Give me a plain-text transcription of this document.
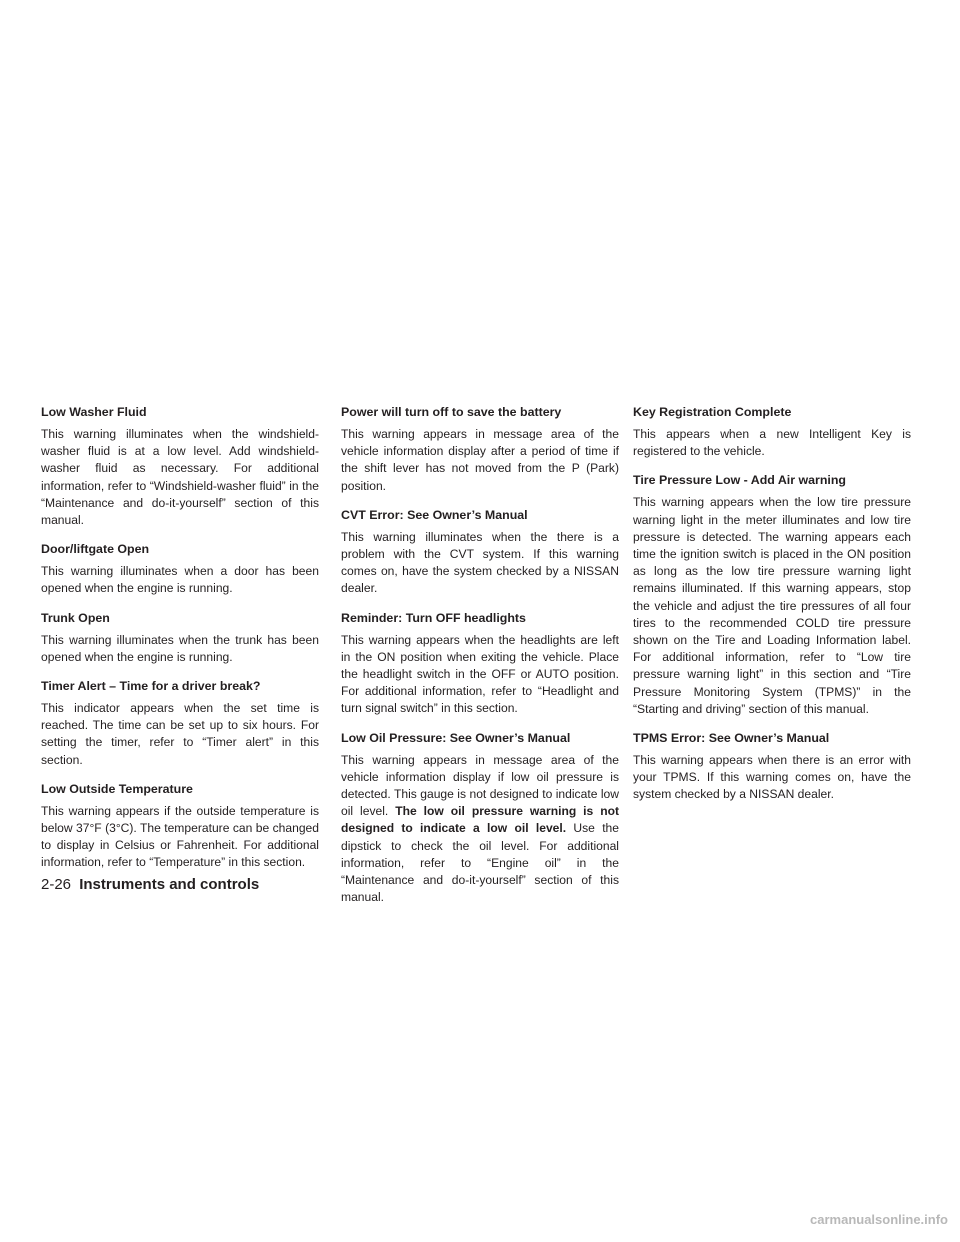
Low Washer Fluid

This warning illuminates when the windshield-washer fluid is at a low level. Add windshield-washer fluid as necessary. For additional information, refer to “Windshield-washer fluid” in the “Maintenance and do-it-yourself” section of this manual.

Door/liftgate Open

This warning illuminates when a door has been opened when the engine is running.

Trunk Open

This warning illuminates when the trunk has been opened when the engine is running.

Timer Alert – Time for a driver break?

This indicator appears when the set time is reached. The time can be set up to six hours. For setting the timer, refer to “Timer alert” in this section.

Low Outside Temperature

This warning appears if the outside temperature is below 37°F (3°C). The temperature can be changed to display in Celsius or Fahrenheit. For additional information, refer to “Temperature” in this section.

Power will turn off to save the battery

This warning appears in message area of the vehicle information display after a period of time if the shift lever has not moved from the P (Park) position.

CVT Error: See Owner’s Manual

This warning illuminates when the there is a problem with the CVT system. If this warning comes on, have the system checked by a NISSAN dealer.

Reminder: Turn OFF headlights

This warning appears when the headlights are left in the ON position when exiting the vehicle. Place the headlight switch in the OFF or AUTO position. For additional information, refer to “Headlight and turn signal switch” in this section.

Low Oil Pressure: See Owner’s Manual

This warning appears in message area of the vehicle information display if low oil pressure is detected. This gauge is not designed to indicate low oil level. The low oil pressure warning is not designed to indicate a low oil level. Use the dipstick to check the oil level. For additional information, refer to “Engine oil” in the “Maintenance and do-it-yourself” section of this manual.

Key Registration Complete

This appears when a new Intelligent Key is registered to the vehicle.

Tire Pressure Low - Add Air warning

This warning appears when the low tire pressure warning light in the meter illuminates and low tire pressure is detected. The warning appears each time the ignition switch is placed in the ON position as long as the low tire pressure warning light remains illuminated. If this warning appears, stop the vehicle and adjust the tire pressures of all four tires to the recommended COLD tire pressure shown on the Tire and Loading Information label. For additional information, refer to “Low tire pressure warning light” in this section and “Tire Pressure Monitoring System (TPMS)” in the “Starting and driving” section of this manual.

TPMS Error: See Owner’s Manual

This warning appears when there is an error with your TPMS. If this warning comes on, have the system checked by a NISSAN dealer.

2-26 Instruments and controls
carmanualsonline.info
